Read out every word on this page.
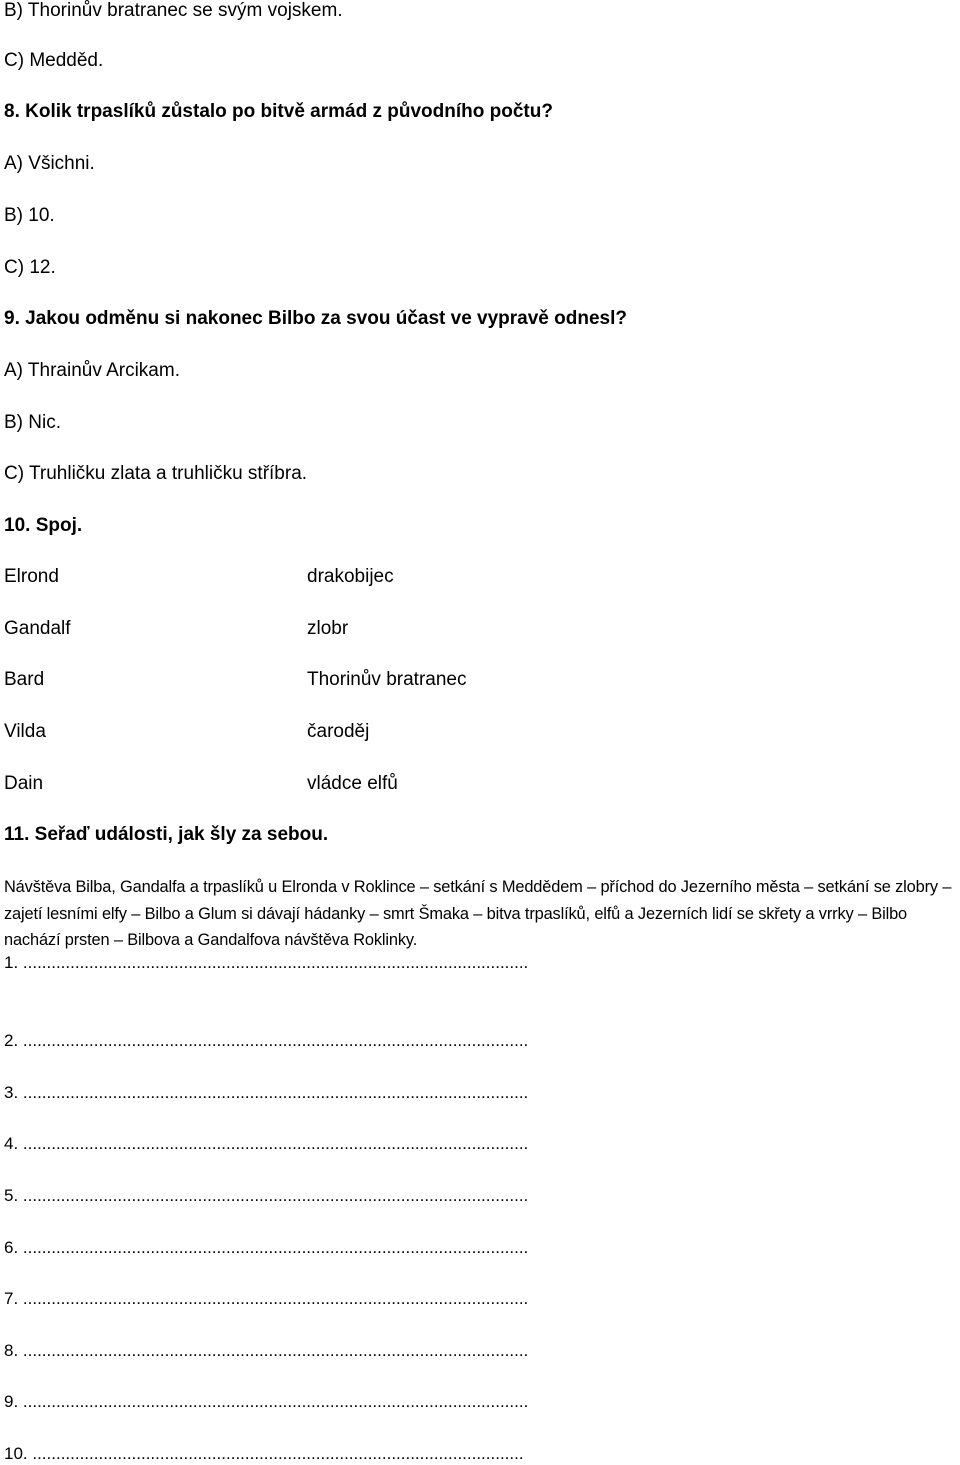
B) Thorinův bratranec se svým vojskem.
C) Medděd.
8. Kolik trpaslíků zůstalo po bitvě armád z původního počtu?
A) Všichni.
B) 10.
C) 12.
9. Jakou odměnu si nakonec Bilbo za svou účast ve vypravě odnesl?
A) Thrainův Arcikam.
B) Nic.
C) Truhličku zlata a truhličku stříbra.
10. Spoj.
Elrond	drakobijec
Gandalf	zlobr
Bard	Thorinův bratranec
Vilda	čaroděj
Dain	vládce elfů
11. Seřaď události, jak šly za sebou.
Návštěva Bilba, Gandalfa a trpaslíků u Elronda v Roklince – setkání s Meddědem – příchod do Jezerního města – setkání se zlobry – zajetí lesními elfy – Bilbo a Glum si dávají hádanky – smrt Šmaka – bitva trpaslíků, elfů a Jezerních lidí se skřety a vrrky – Bilbo nachází prsten – Bilbova a Gandalfova návštěva Roklinky.
1. ...........................................................................................................
2. ...........................................................................................................
3. ...........................................................................................................
4. ...........................................................................................................
5. ...........................................................................................................
6. ...........................................................................................................
7. ...........................................................................................................
8. ...........................................................................................................
9. ...........................................................................................................
10. ........................................................................................................
